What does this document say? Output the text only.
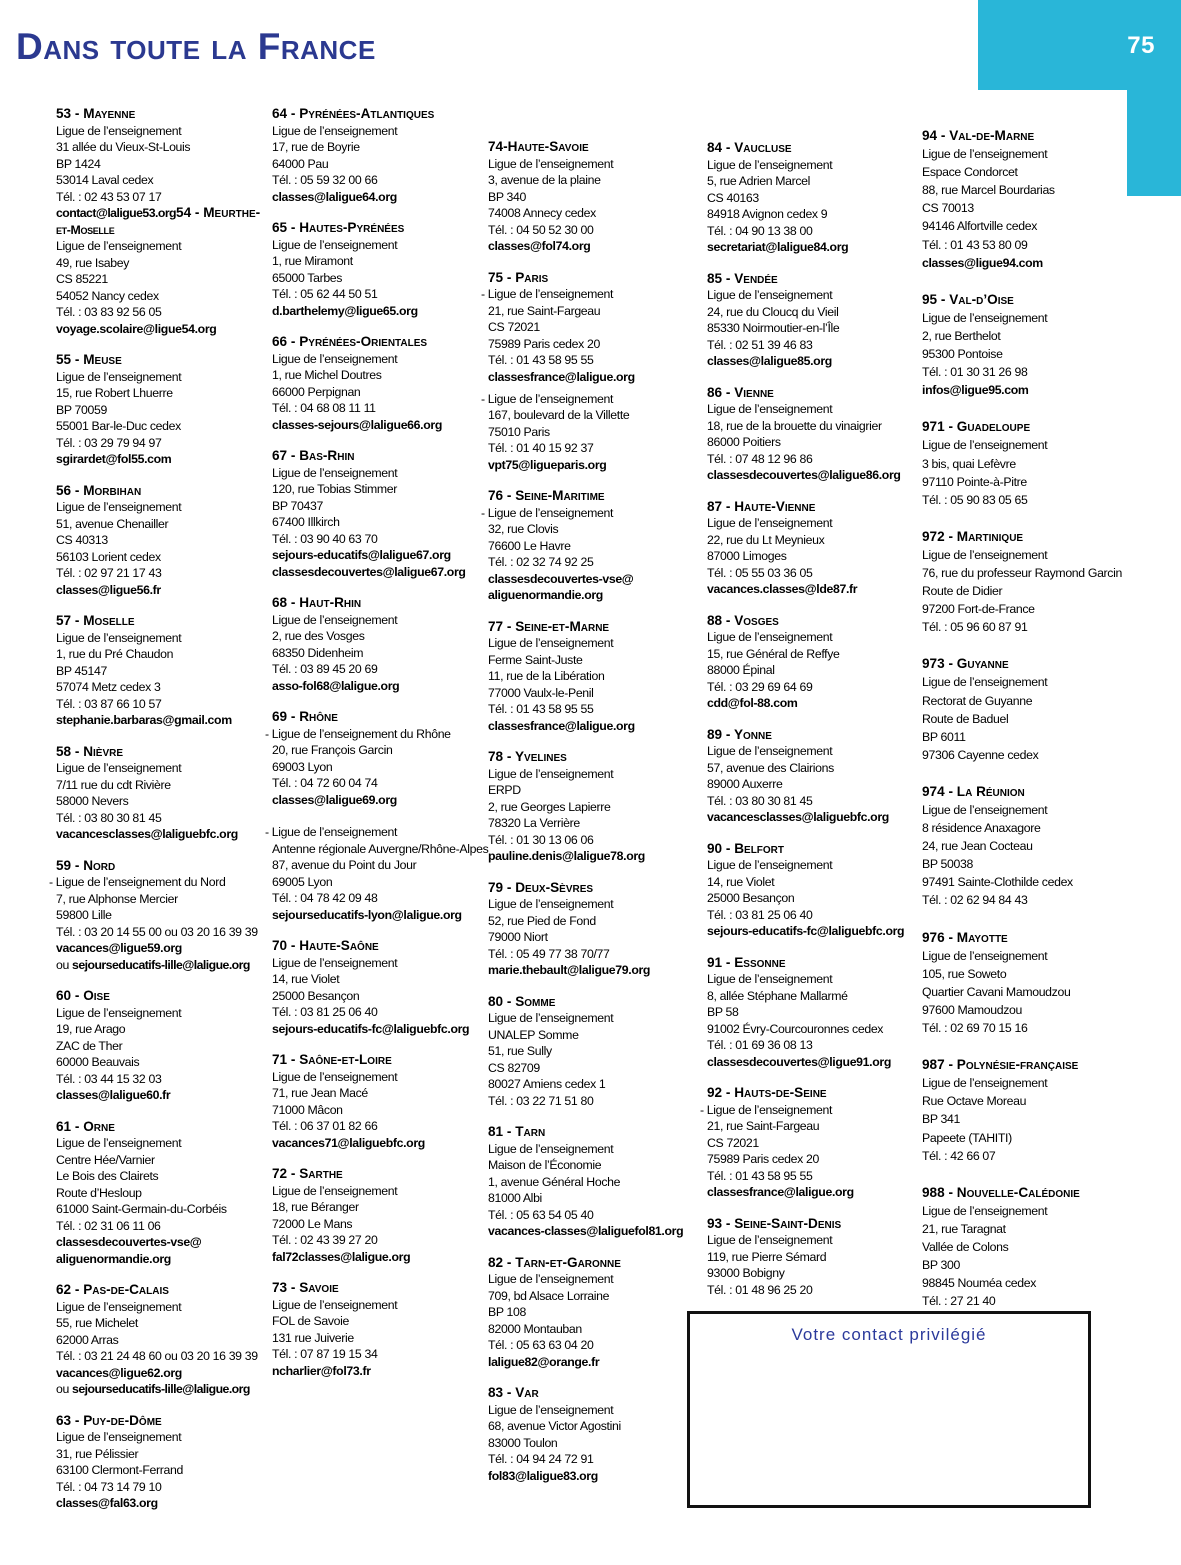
75
Dans toute la France
53 - Mayenne

Ligue de l’enseignement

31 allée du Vieux-St-Louis

BP 1424

53014 Laval cedex

Tél. : 02 43 53 07 17

contact@laligue53.org54 - Meurthe-

et-Moselle

Ligue de l’enseignement

49, rue Isabey

CS 85221

54052 Nancy cedex

Tél. : 03 83 92 56 05

voyage.scolaire@ligue54.org

55 - Meuse

Ligue de l’enseignement

15, rue Robert Lhuerre

BP 70059

55001 Bar-le-Duc cedex

Tél. : 03 29 79 94 97

sgirardet@fol55.com

56 - Morbihan

Ligue de l’enseignement

51, avenue Chenailler

CS 40313

56103 Lorient cedex

Tél. : 02 97 21 17 43

classes@ligue56.fr

57 - Moselle

Ligue de l’enseignement

1, rue du Pré Chaudon

BP 45147

57074 Metz cedex 3

Tél. : 03 87 66 10 57

stephanie.barbaras@gmail.com

58 - Nièvre

Ligue de l’enseignement

7/11 rue du cdt Rivière

58000 Nevers

Tél. : 03 80 30 81 45

vacancesclasses@laliguebfc.org

59 - Nord

- Ligue de l’enseignement du Nord

7, rue Alphonse Mercier

59800 Lille

Tél. : 03 20 14 55 00 ou 03 20 16 39 39

vacances@ligue59.org

ou sejourseducatifs-lille@laligue.org

60 - Oise

Ligue de l’enseignement

19, rue Arago

ZAC de Ther

60000 Beauvais

Tél. : 03 44 15 32 03

classes@laligue60.fr

61 - Orne

Ligue de l’enseignement

Centre Hée/Varnier

Le Bois des Clairets

Route d’Hesloup

61000 Saint-Germain-du-Corbéis

Tél. : 02 31 06 11 06

classesdecouvertes-vse@

aliguenormandie.org

62 - Pas-de-Calais

Ligue de l’enseignement

55, rue Michelet

62000 Arras

Tél. : 03 21 24 48 60 ou 03 20 16 39 39

vacances@ligue62.org

ou sejourseducatifs-lille@laligue.org

63 - Puy-de-Dôme

Ligue de l’enseignement

31, rue Pélissier

63100 Clermont-Ferrand

Tél. : 04 73 14 79 10

classes@fal63.org

64 - Pyrénées-Atlantiques

Ligue de l’enseignement

17, rue de Boyrie

64000 Pau

Tél. : 05 59 32 00 66

classes@laligue64.org

65 - Hautes-Pyrénées

Ligue de l’enseignement

1, rue Miramont

65000 Tarbes

Tél. : 05 62 44 50 51

d.barthelemy@ligue65.org

66 - Pyrénées-Orientales

Ligue de l’enseignement

1, rue Michel Doutres

66000 Perpignan

Tél. : 04 68 08 11 11

classes-sejours@laligue66.org

67 - Bas-Rhin

Ligue de l’enseignement

120, rue Tobias Stimmer

BP 70437

67400 Illkirch

Tél. : 03 90 40 63 70

sejours-educatifs@laligue67.org

classesdecouvertes@laligue67.org

68 - Haut-Rhin

Ligue de l’enseignement

2, rue des Vosges

68350 Didenheim

Tél. : 03 89 45 20 69

asso-fol68@laligue.org

69 - Rhône

- Ligue de l’enseignement du Rhône

20, rue François Garcin

69003 Lyon

Tél. : 04 72 60 04 74

classes@laligue69.org

- Ligue de l’enseignement

Antenne régionale Auvergne/Rhône-Alpes

87, avenue du Point du Jour

69005 Lyon

Tél. : 04 78 42 09 48

sejourseducatifs-lyon@laligue.org

70 - Haute-Saône

Ligue de l’enseignement

14, rue Violet

25000 Besançon

Tél. : 03 81 25 06 40

sejours-educatifs-fc@laliguebfc.org

71 - Saône-et-Loire

Ligue de l’enseignement

71, rue Jean Macé

71000 Mâcon

Tél. : 06 37 01 82 66

vacances71@laliguebfc.org

72 - Sarthe

Ligue de l’enseignement

18, rue Béranger

72000 Le Mans

Tél. : 02 43 39 27 20

fal72classes@laligue.org

73 - Savoie

Ligue de l’enseignement

FOL de Savoie

131 rue Juiverie

Tél. : 07 87 19 15 34

ncharlier@fol73.fr

74-Haute-Savoie

Ligue de l’enseignement

3, avenue de la plaine

BP 340

74008 Annecy cedex

Tél. : 04 50 52 30 00

classes@fol74.org

75 - Paris

- Ligue de l’enseignement

21, rue Saint-Fargeau

CS 72021

75989 Paris cedex 20

Tél. : 01 43 58 95 55

classesfrance@laligue.org

- Ligue de l’enseignement

167, boulevard de la Villette

75010 Paris

Tél. : 01 40 15 92 37

vpt75@ligueparis.org

76 - Seine-Maritime

- Ligue de l’enseignement

32, rue Clovis

76600 Le Havre

Tél. : 02 32 74 92 25

classesdecouvertes-vse@

aliguenormandie.org

77 - Seine-et-Marne

Ligue de l’enseignement

Ferme Saint-Juste

11, rue de la Libération

77000 Vaulx-le-Penil

Tél. : 01 43 58 95 55

classesfrance@laligue.org

78 - Yvelines

Ligue de l’enseignement

ERPD

2, rue Georges Lapierre

78320 La Verrière

Tél. : 01 30 13 06 06

pauline.denis@laligue78.org

79 - Deux-Sèvres

Ligue de l’enseignement

52, rue Pied de Fond

79000 Niort

Tél. : 05 49 77 38 70/77

marie.thebault@laligue79.org

80 - Somme

Ligue de l’enseignement

UNALEP Somme

51, rue Sully

CS 82709

80027 Amiens cedex 1

Tél. : 03 22 71 51 80

81 - Tarn

Ligue de l’enseignement

Maison de l’Économie

1, avenue Général Hoche

81000 Albi

Tél. : 05 63 54 05 40

vacances-classes@laliguefol81.org

82 - Tarn-et-Garonne

Ligue de l’enseignement

709, bd Alsace Lorraine

BP 108

82000 Montauban

Tél. : 05 63 63 04 20

laligue82@orange.fr

83 - Var

Ligue de l’enseignement

68, avenue Victor Agostini

83000 Toulon

Tél. : 04 94 24 72 91

fol83@laligue83.org

84 - Vaucluse

Ligue de l’enseignement

5, rue Adrien Marcel

CS 40163

84918 Avignon cedex 9

Tél. : 04 90 13 38 00

secretariat@laligue84.org

85 - Vendée

Ligue de l’enseignement

24, rue du Cloucq du Vieil

85330 Noirmoutier-en-l’Île

Tél. : 02 51 39 46 83

classes@laligue85.org

86 - Vienne

Ligue de l’enseignement

18, rue de la brouette du vinaigrier

86000 Poitiers

Tél. : 07 48 12 96 86

classesdecouvertes@laligue86.org

87 - Haute-Vienne

Ligue de l’enseignement

22, rue du Lt Meynieux

87000 Limoges

Tél. : 05 55 03 36 05

vacances.classes@lde87.fr

88 - Vosges

Ligue de l’enseignement

15, rue Général de Reffye

88000 Épinal

Tél. : 03 29 69 64 69

cdd@fol-88.com

89 - Yonne

Ligue de l’enseignement

57, avenue des Clairions

89000 Auxerre

Tél. : 03 80 30 81 45

vacancesclasses@laliguebfc.org

90 - Belfort

Ligue de l’enseignement

14, rue Violet

25000 Besançon

Tél. : 03 81 25 06 40

sejours-educatifs-fc@laliguebfc.org

91 - Essonne

Ligue de l’enseignement

8, allée Stéphane Mallarmé

BP 58

91002 Évry-Courcouronnes cedex

Tél. : 01 69 36 08 13

classesdecouvertes@ligue91.org

92 - Hauts-de-Seine

- Ligue de l’enseignement

21, rue Saint-Fargeau

CS 72021

75989 Paris cedex 20

Tél. : 01 43 58 95 55

classesfrance@laligue.org

93 - Seine-Saint-Denis

Ligue de l’enseignement

119, rue Pierre Sémard

93000 Bobigny

Tél. : 01 48 96 25 20

94 - Val-de-Marne

Ligue de l’enseignement

Espace Condorcet

88, rue Marcel Bourdarias

CS 70013

94146 Alfortville cedex

Tél. : 01 43 53 80 09

classes@ligue94.com

95 - Val-d’Oise

Ligue de l’enseignement

2, rue Berthelot

95300 Pontoise

Tél. : 01 30 31 26 98

infos@ligue95.com

971 - Guadeloupe

Ligue de l’enseignement

3 bis, quai Lefèvre

97110 Pointe-à-Pitre

Tél. : 05 90 83 05 65

972 - Martinique

Ligue de l’enseignement

76, rue du professeur Raymond Garcin

Route de Didier

97200 Fort-de-France

Tél. : 05 96 60 87 91

973 - Guyanne

Ligue de l’enseignement

Rectorat de Guyanne

Route de Baduel

BP 6011

97306 Cayenne cedex

974 - La Réunion

Ligue de l’enseignement

8 résidence Anaxagore

24, rue Jean Cocteau

BP 50038

97491 Sainte-Clothilde cedex

Tél. : 02 62 94 84 43

976 - Mayotte

Ligue de l’enseignement

105, rue Soweto

Quartier Cavani Mamoudzou

97600 Mamoudzou

Tél. : 02 69 70 15 16

987 - Polynésie-française

Ligue de l’enseignement

Rue Octave Moreau

BP 341

Papeete (TAHITI)

Tél. : 42 66 07

988 - Nouvelle-Calédonie

Ligue de l’enseignement

21, rue Taragnat

Vallée de Colons

BP 300

98845 Nouméa cedex

Tél. : 27 21 40

Votre contact privilégié
